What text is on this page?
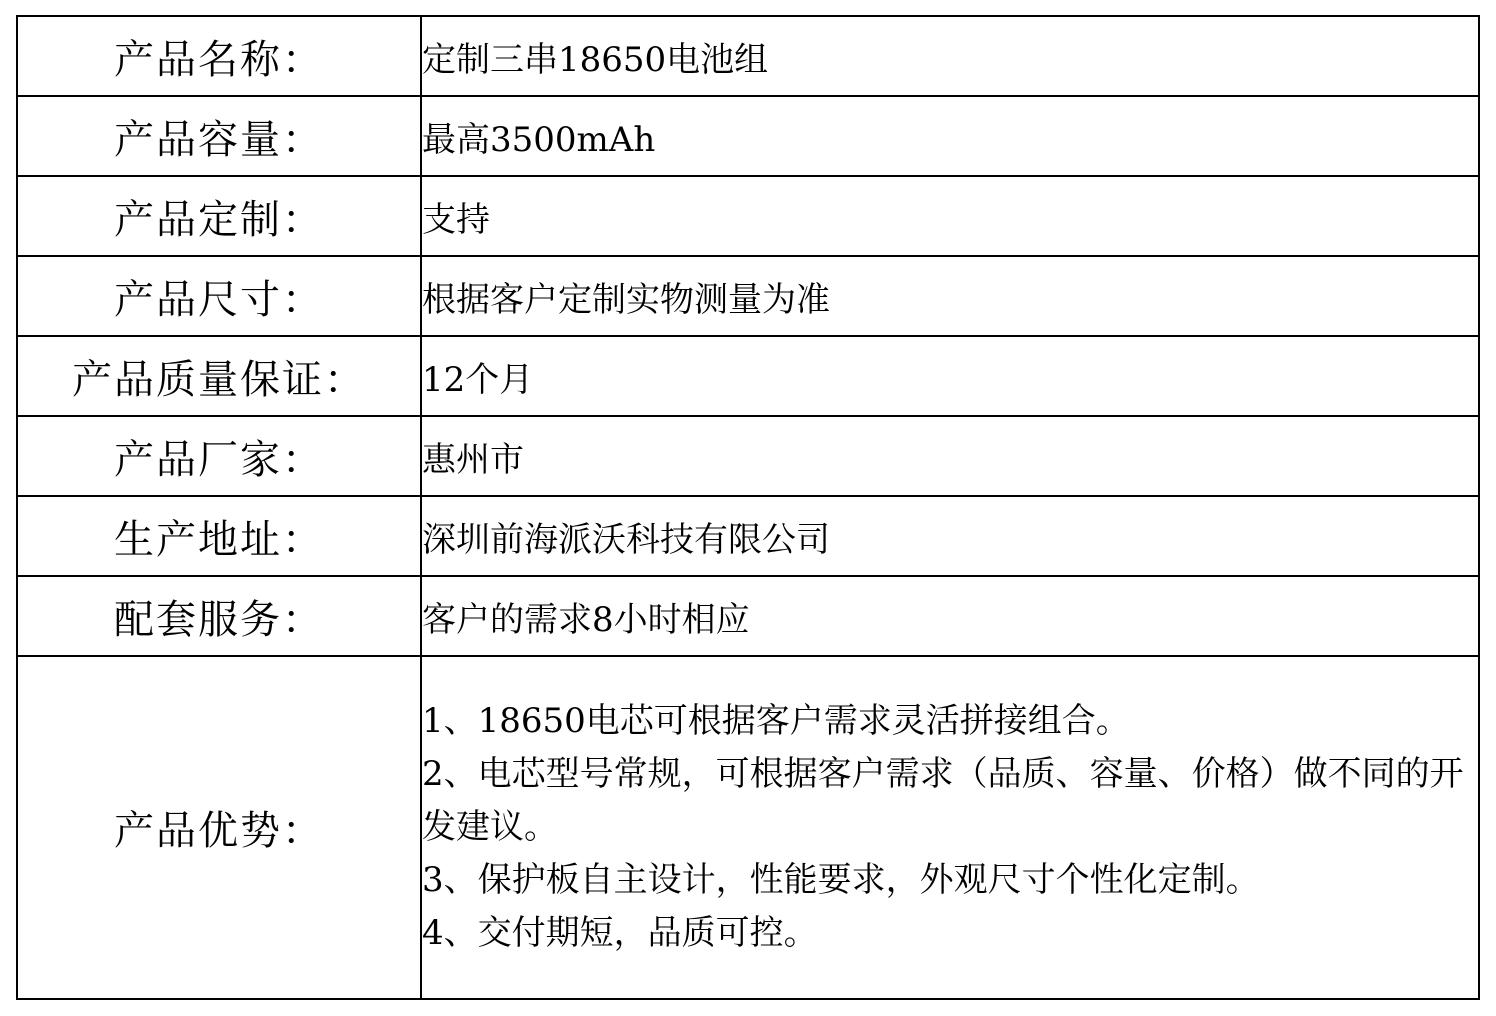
产品名称：	定制三串18650电池组
产品容量：	最高3500mAh
产品定制：	支持
产品尺寸：	根据客户定制实物测量为准
产品质量保证：	12个月
产品厂家：	惠州市
生产地址：	深圳前海派沃科技有限公司
配套服务：	客户的需求8小时相应
产品优势：	1、18650电芯可根据客户需求灵活拼接组合。
2、电芯型号常规，可根据客户需求（品质、容量、价格）做不同的开发建议。
3、保护板自主设计，性能要求，外观尺寸个性化定制。
4、交付期短，品质可控。
